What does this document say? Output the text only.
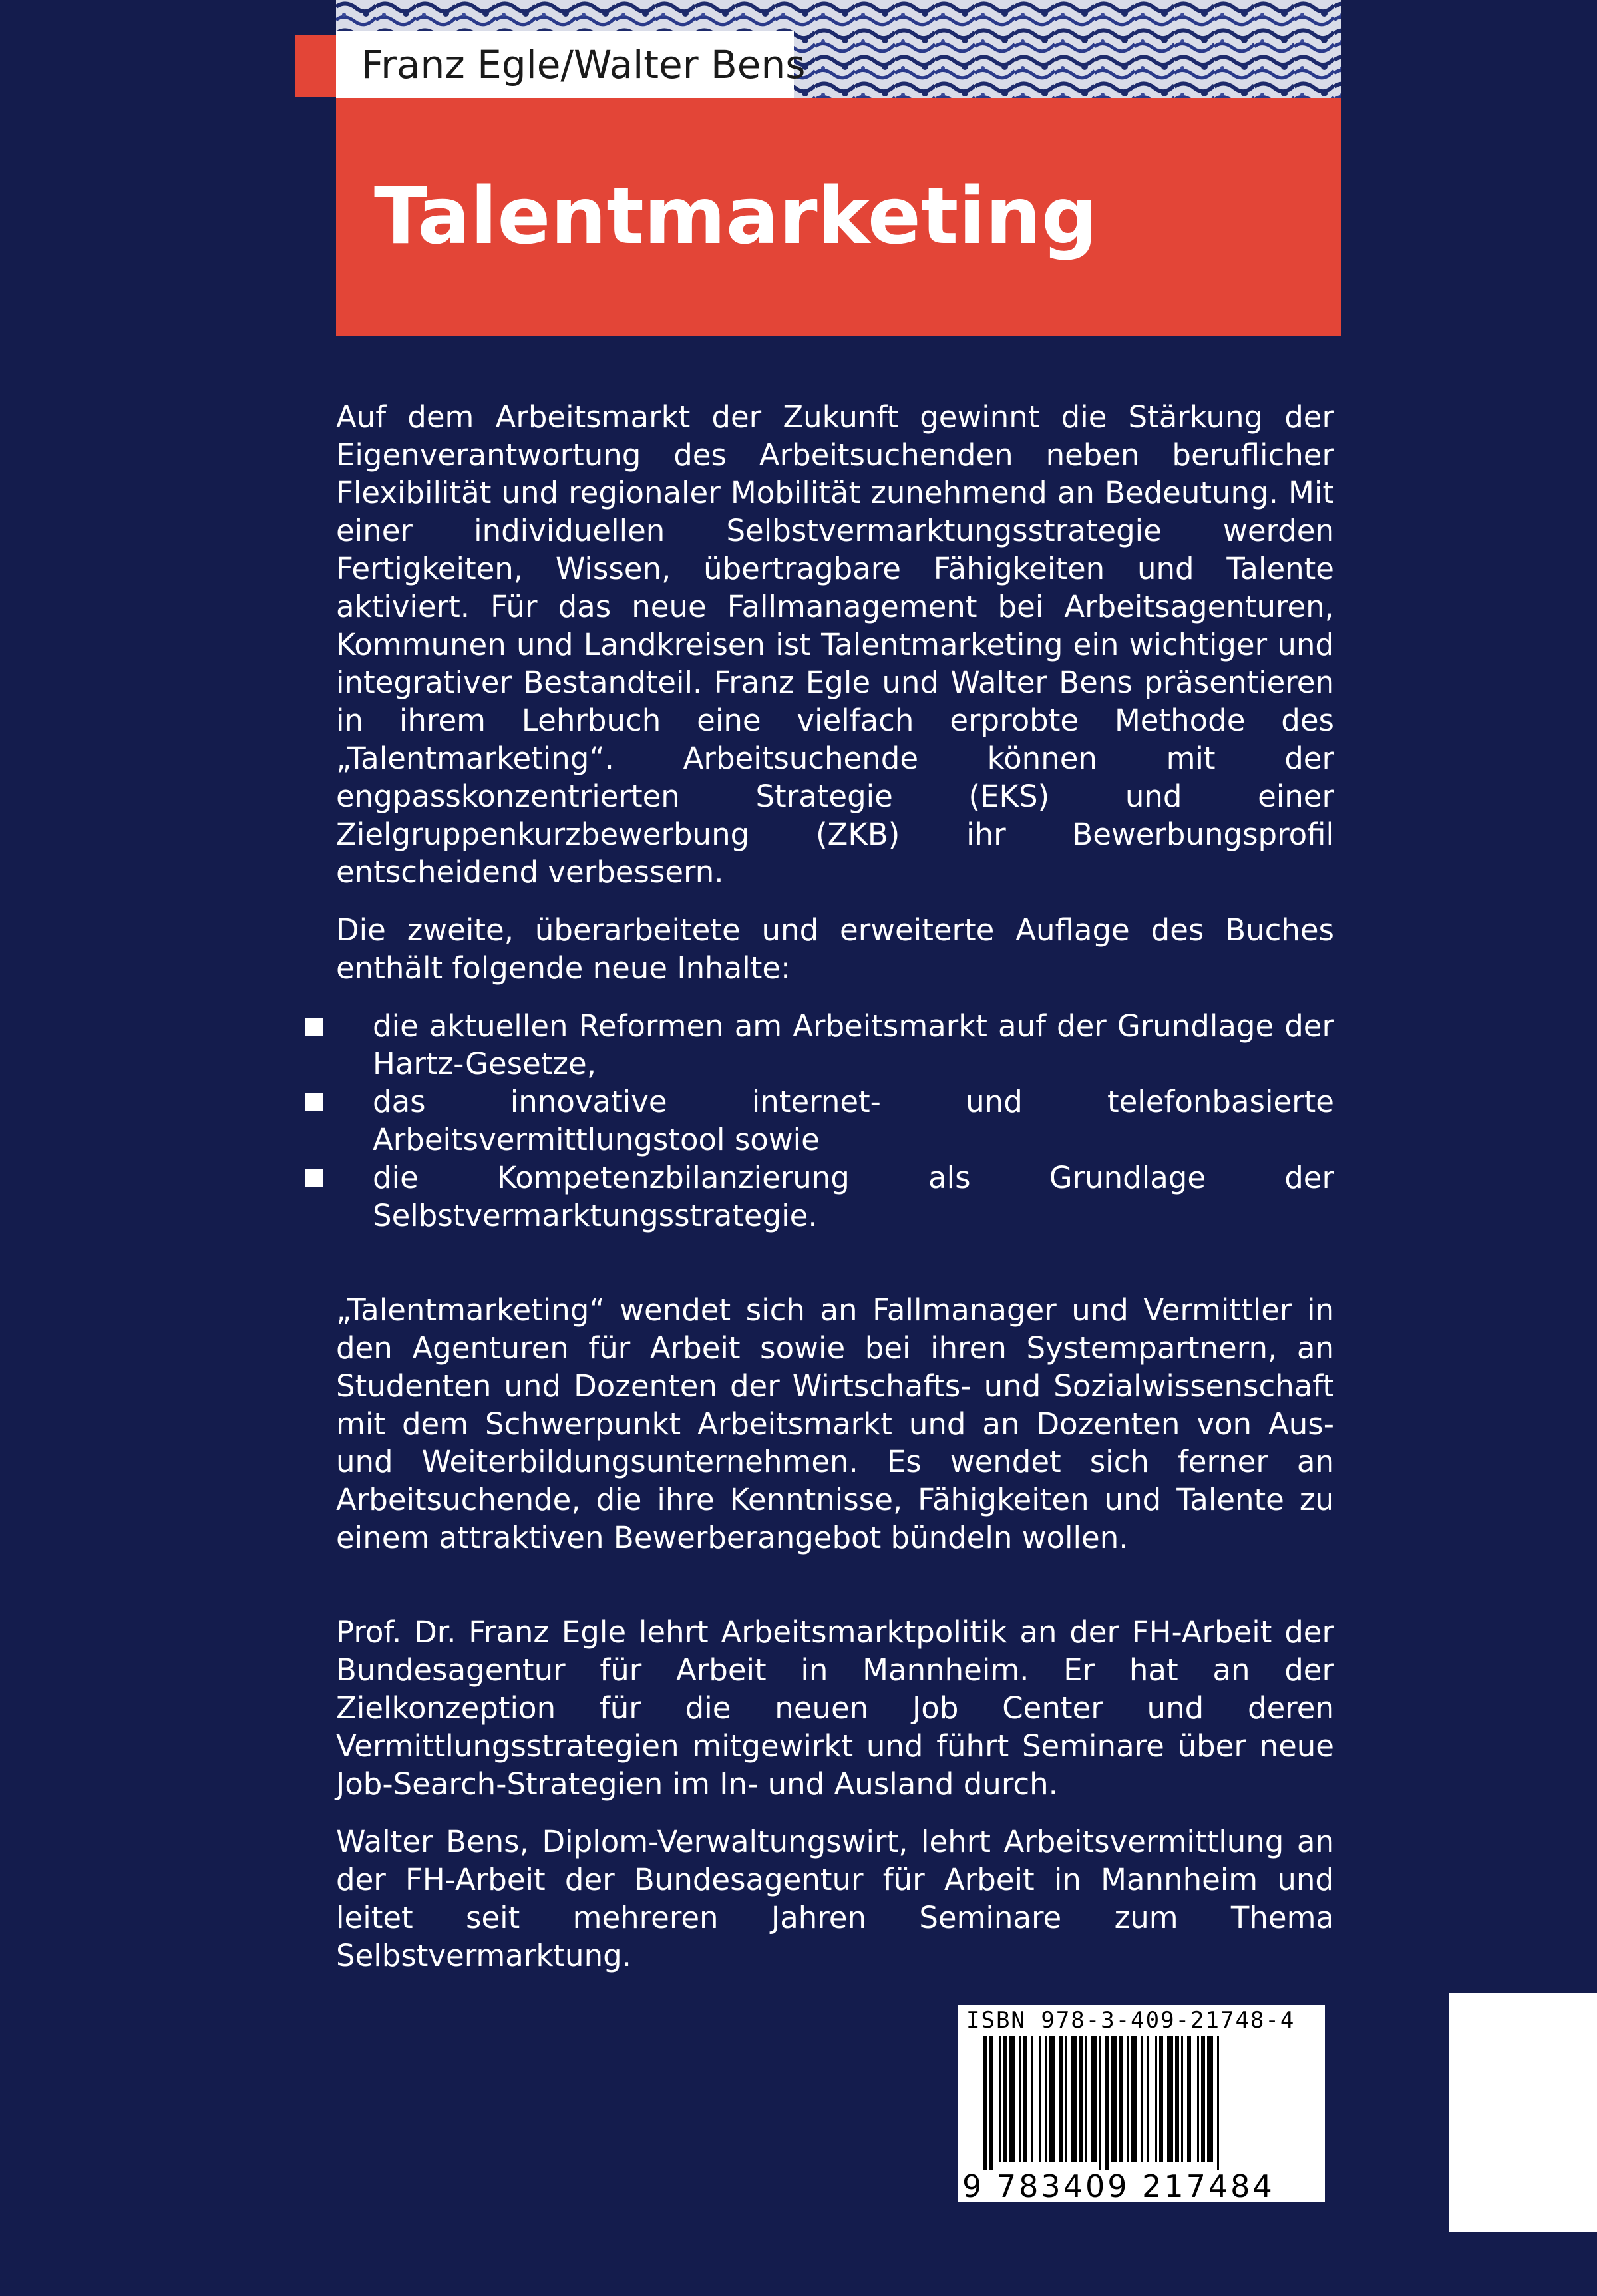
Franz Egle/Walter Bens
Talentmarketing

Auf dem Arbeitsmarkt der Zukunft gewinnt die Stärkung der Eigenverantwortung des Arbeitsuchenden neben beruflicher Flexibilität und regionaler Mobilität zunehmend an Bedeutung. Mit einer individuellen Selbstvermarktungsstrategie werden Fertigkeiten, Wissen, übertragbare Fähigkeiten und Talente aktiviert. Für das neue Fallmanagement bei Arbeitsagenturen, Kommunen und Landkreisen ist Talentmarketing ein wichtiger und integrativer Bestandteil. Franz Egle und Walter Bens präsentieren in ihrem Lehrbuch eine vielfach erprobte Methode des „Talentmarketing“. Arbeitsuchende können mit der engpasskonzentrierten Strategie (EKS) und einer Zielgruppenkurzbewerbung (ZKB) ihr Bewerbungsprofil entscheidend verbessern.

Die zweite, überarbeitete und erweiterte Auflage des Buches enthält folgende neue Inhalte:

die aktuellen Reformen am Arbeitsmarkt auf der Grundlage der Hartz-Gesetze,
das innovative internet- und telefonbasierte Arbeitsvermittlungstool sowie
die Kompetenzbilanzierung als Grundlage der Selbstvermarktungsstrategie.

„Talentmarketing“ wendet sich an Fallmanager und Vermittler in den Agenturen für Arbeit sowie bei ihren Systempartnern, an Studenten und Dozenten der Wirtschafts- und Sozialwissenschaft mit dem Schwerpunkt Arbeitsmarkt und an Dozenten von Aus- und Weiterbildungsunternehmen. Es wendet sich ferner an Arbeitsuchende, die ihre Kenntnisse, Fähigkeiten und Talente zu einem attraktiven Bewerberangebot bündeln wollen.

Prof. Dr. Franz Egle lehrt Arbeitsmarktpolitik an der FH-Arbeit der Bundesagentur für Arbeit in Mannheim. Er hat an der Zielkonzeption für die neuen Job Center und deren Vermittlungsstrategien mitgewirkt und führt Seminare über neue Job-Search-Strategien im In- und Ausland durch.

Walter Bens, Diplom-Verwaltungswirt, lehrt Arbeitsvermittlung an der FH-Arbeit der Bundesagentur für Arbeit in Mannheim und leitet seit mehreren Jahren Seminare zum Thema Selbstvermarktung.

ISBN 978-3-409-21748-4
9 783409 217484
